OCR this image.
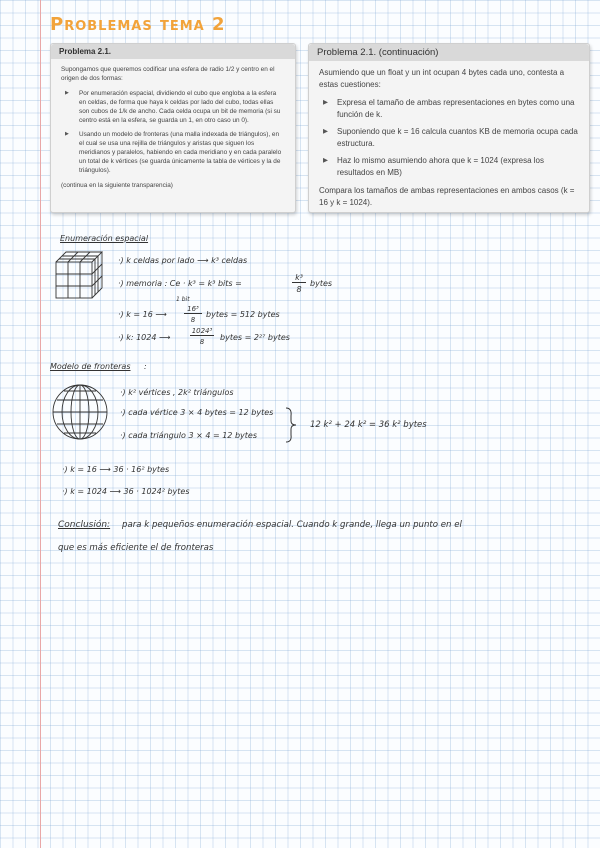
Problemas tema 2
Problema 2.1.
Supongamos que queremos codificar una esfera de radio 1/2 y centro en el origen de dos formas:
▶ Por enumeración espacial, dividiendo el cubo que engloba a la esfera en celdas, de forma que haya k celdas por lado del cubo, todas ellas son cubos de 1/k de ancho. Cada celda ocupa un bit de memoria (si su centro está en la esfera, se guarda un 1, en otro caso un 0).
▶ Usando un modelo de fronteras (una malla indexada de triángulos), en el cual se usa una rejilla de triángulos y aristas que siguen los meridianos y paralelos, habiendo en cada meridiano y en cada paralelo un total de k vértices (se guarda únicamente la tabla de vértices y la de triángulos).
(continua en la siguiente transparencia)
Problema 2.1. (continuación)
Asumiendo que un float y un int ocupan 4 bytes cada uno, contesta a estas cuestiones:
▶ Expresa el tamaño de ambas representaciones en bytes como una función de k.
▶ Suponiendo que k = 16 calcula cuantos KB de memoria ocupa cada estructura.
▶ Haz lo mismo asumiendo ahora que k = 1024 (expresa los resultados en MB)
Compara los tamaños de ambas representaciones en ambos casos (k = 16 y k = 1024).
Enumeración espacial
·) k celdas por lado ⟶ k³ celdas
·) memoria : Ce · k³ = k³ bits =
k³
8
bytes
1 bit
·) k = 16 ⟶
16³
8
bytes = 512 bytes
·) k: 1024 ⟶
1024³
8	bytes = 2²⁷ bytes
Modelo de fronteras :
·) k² vértices , 2k² triángulos
·) cada vértice 3 × 4 bytes = 12 bytes
·) cada triángulo 3 × 4 = 12 bytes
12 k² + 24 k² = 36 k² bytes
·) k = 16 ⟶ 36 · 16² bytes
·) k = 1024 ⟶ 36 · 1024² bytes
Conclusión: para k pequeños enumeración espacial. Cuando k grande, llega un punto en el
que es más eficiente el de fronteras
